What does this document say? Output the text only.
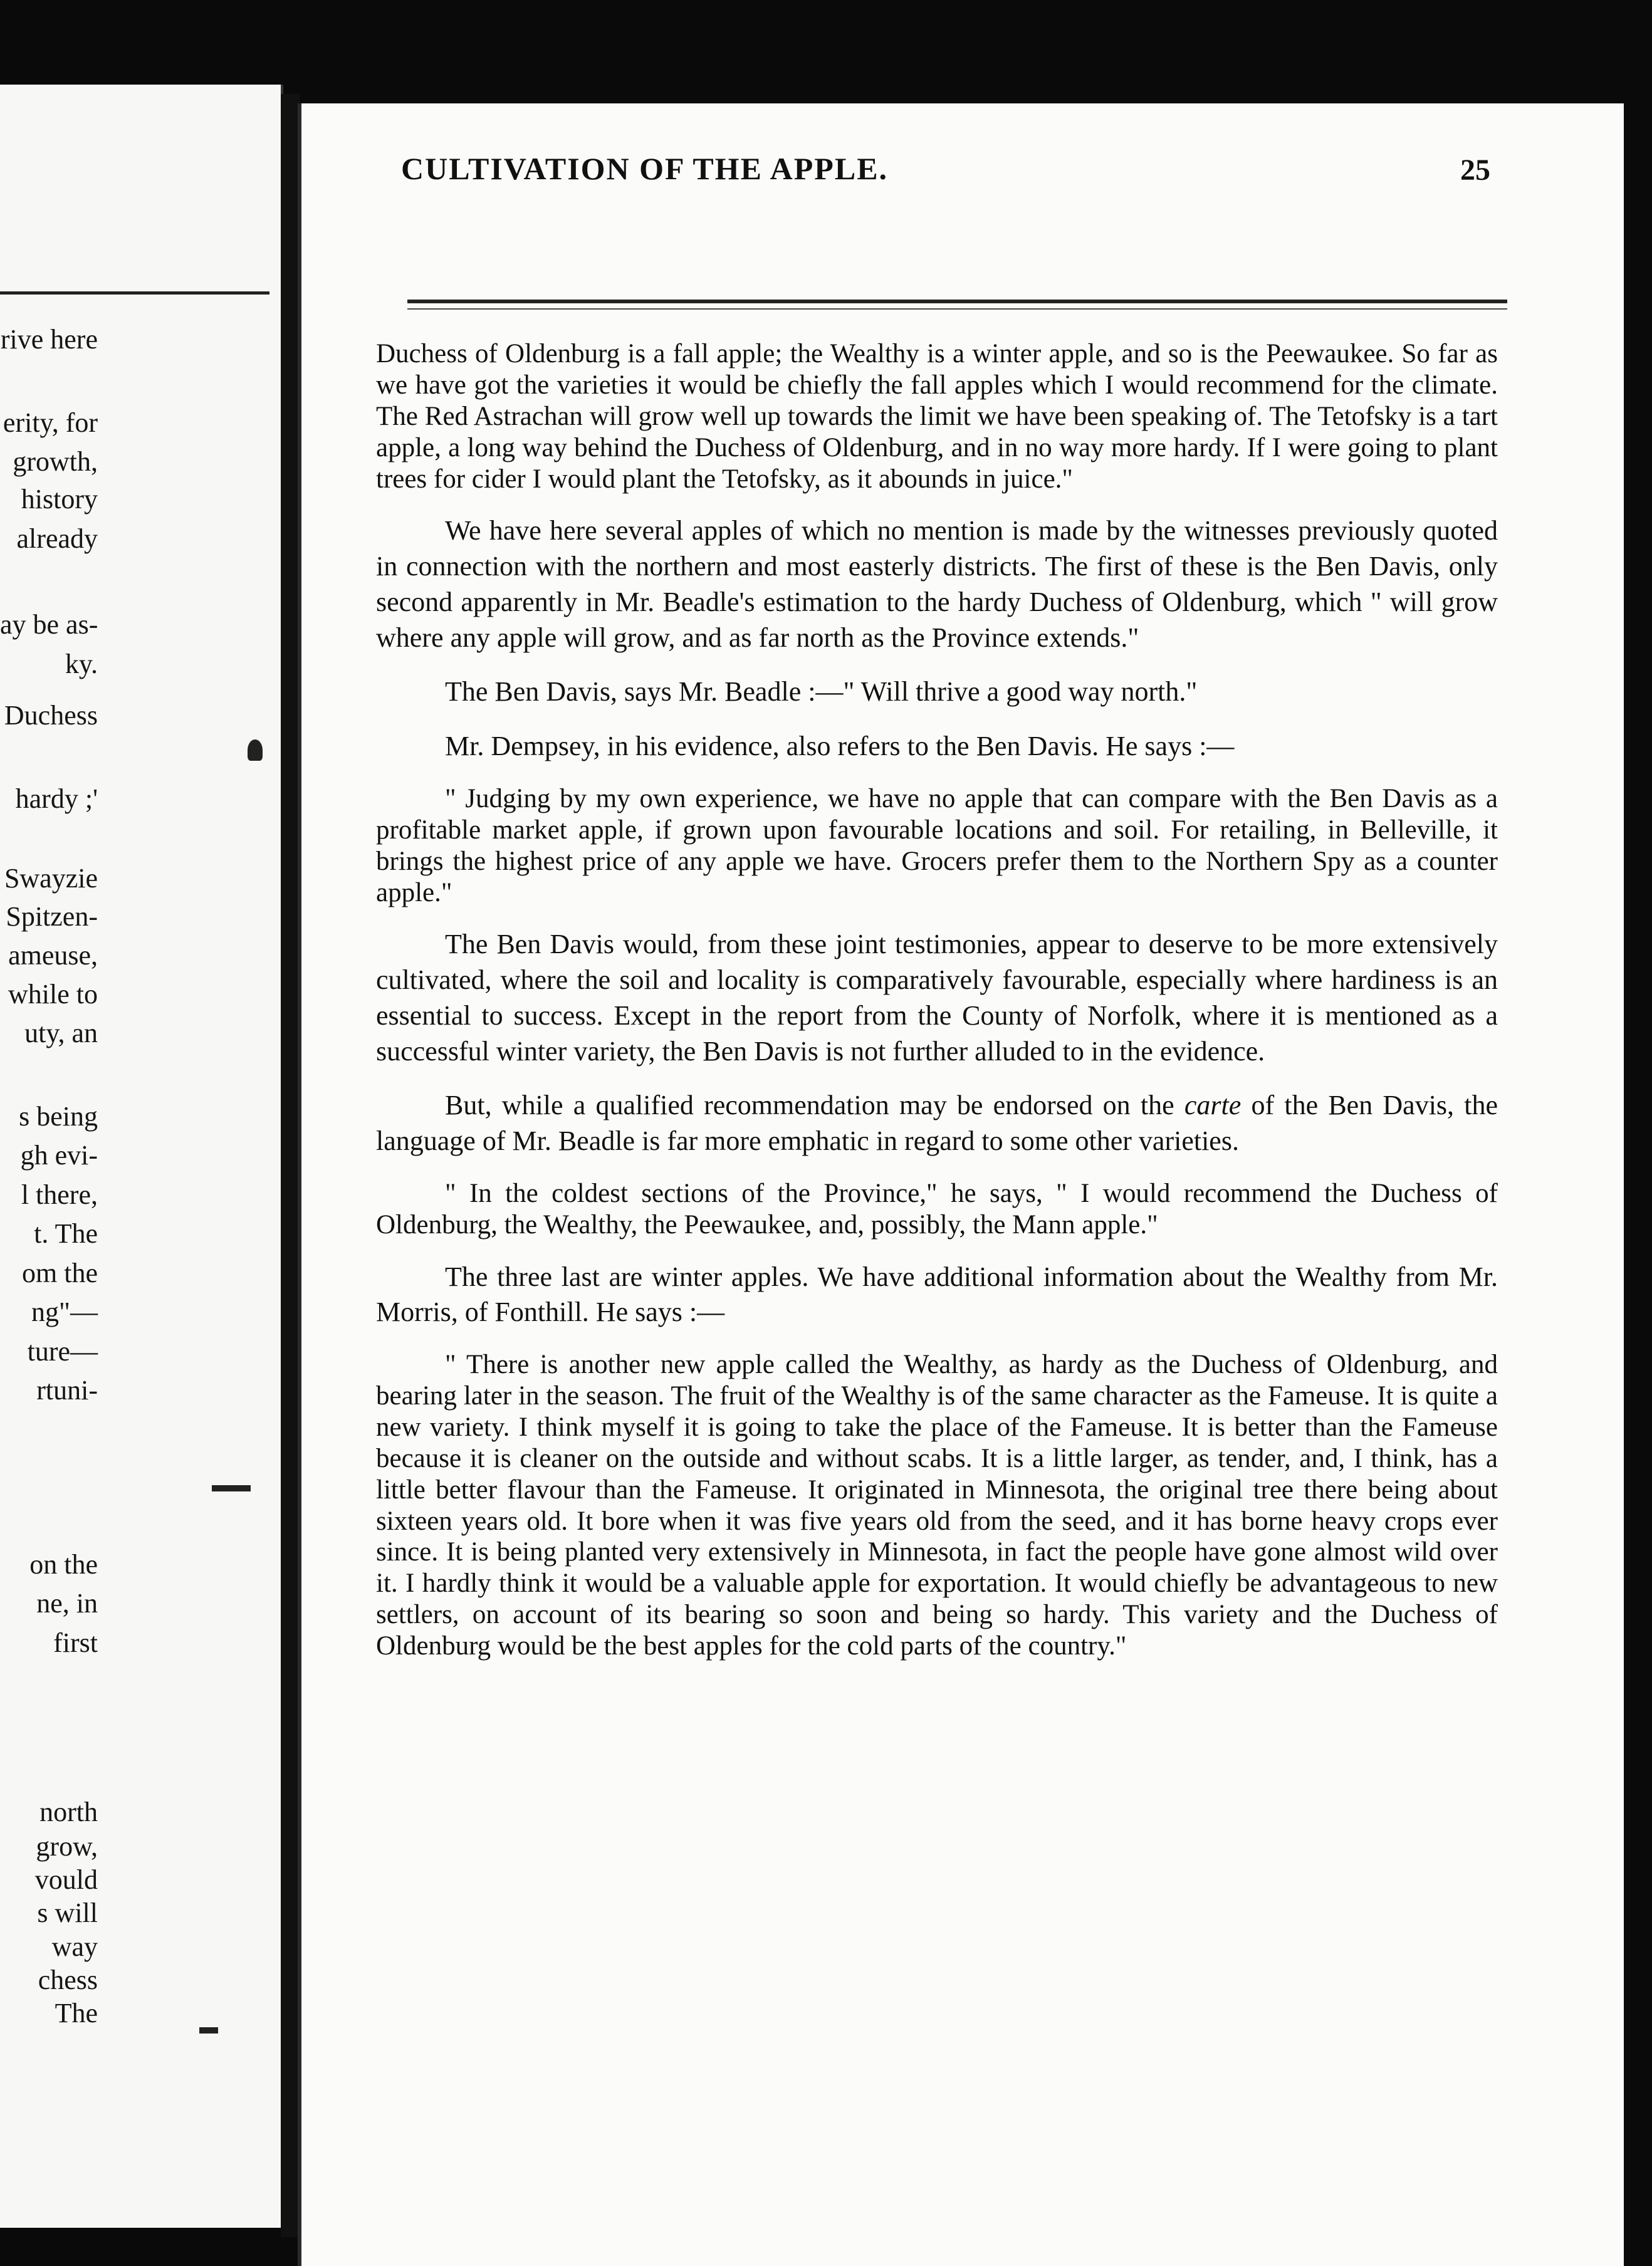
rive here
erity, for
growth,
history
already
ay be as-
ky.
Duchess
hardy ;'
Swayzie
Spitzen-
ameuse,
while to
uty, an
s being
gh evi-
l there,
t. The
om the
ng"—
ture—
rtuni-
on the
ne, in
first
north
grow,
vould
s will
way
chess
The
CULTIVATION OF THE APPLE.	25

Duchess of Oldenburg is a fall apple; the Wealthy is a winter apple, and so is the Peewaukee. So far as we have got the varieties it would be chiefly the fall apples which I would recommend for the climate. The Red Astrachan will grow well up towards the limit we have been speaking of. The Tetofsky is a tart apple, a long way behind the Duchess of Oldenburg, and in no way more hardy. If I were going to plant trees for cider I would plant the Tetofsky, as it abounds in juice."

We have here several apples of which no mention is made by the witnesses previously quoted in connection with the northern and most easterly districts. The first of these is the Ben Davis, only second apparently in Mr. Beadle's estimation to the hardy Duchess of Oldenburg, which " will grow where any apple will grow, and as far north as the Province extends."

The Ben Davis, says Mr. Beadle :—" Will thrive a good way north."

Mr. Dempsey, in his evidence, also refers to the Ben Davis. He says :—

" Judging by my own experience, we have no apple that can compare with the Ben Davis as a profitable market apple, if grown upon favourable locations and soil. For retailing, in Belleville, it brings the highest price of any apple we have. Grocers prefer them to the Northern Spy as a counter apple."

The Ben Davis would, from these joint testimonies, appear to deserve to be more extensively cultivated, where the soil and locality is comparatively favourable, especially where hardiness is an essential to success. Except in the report from the County of Norfolk, where it is mentioned as a successful winter variety, the Ben Davis is not further alluded to in the evidence.

But, while a qualified recommendation may be endorsed on the carte of the Ben Davis, the language of Mr. Beadle is far more emphatic in regard to some other varieties.

" In the coldest sections of the Province," he says, " I would recommend the Duchess of Oldenburg, the Wealthy, the Peewaukee, and, possibly, the Mann apple."

The three last are winter apples. We have additional information about the Wealthy from Mr. Morris, of Fonthill. He says :—

" There is another new apple called the Wealthy, as hardy as the Duchess of Oldenburg, and bearing later in the season. The fruit of the Wealthy is of the same character as the Fameuse. It is quite a new variety. I think myself it is going to take the place of the Fameuse. It is better than the Fameuse because it is cleaner on the outside and without scabs. It is a little larger, as tender, and, I think, has a little better flavour than the Fameuse. It originated in Minnesota, the original tree there being about sixteen years old. It bore when it was five years old from the seed, and it has borne heavy crops ever since. It is being planted very extensively in Minnesota, in fact the people have gone almost wild over it. I hardly think it would be a valuable apple for exportation. It would chiefly be advantageous to new settlers, on account of its bearing so soon and being so hardy. This variety and the Duchess of Oldenburg would be the best apples for the cold parts of the country."
